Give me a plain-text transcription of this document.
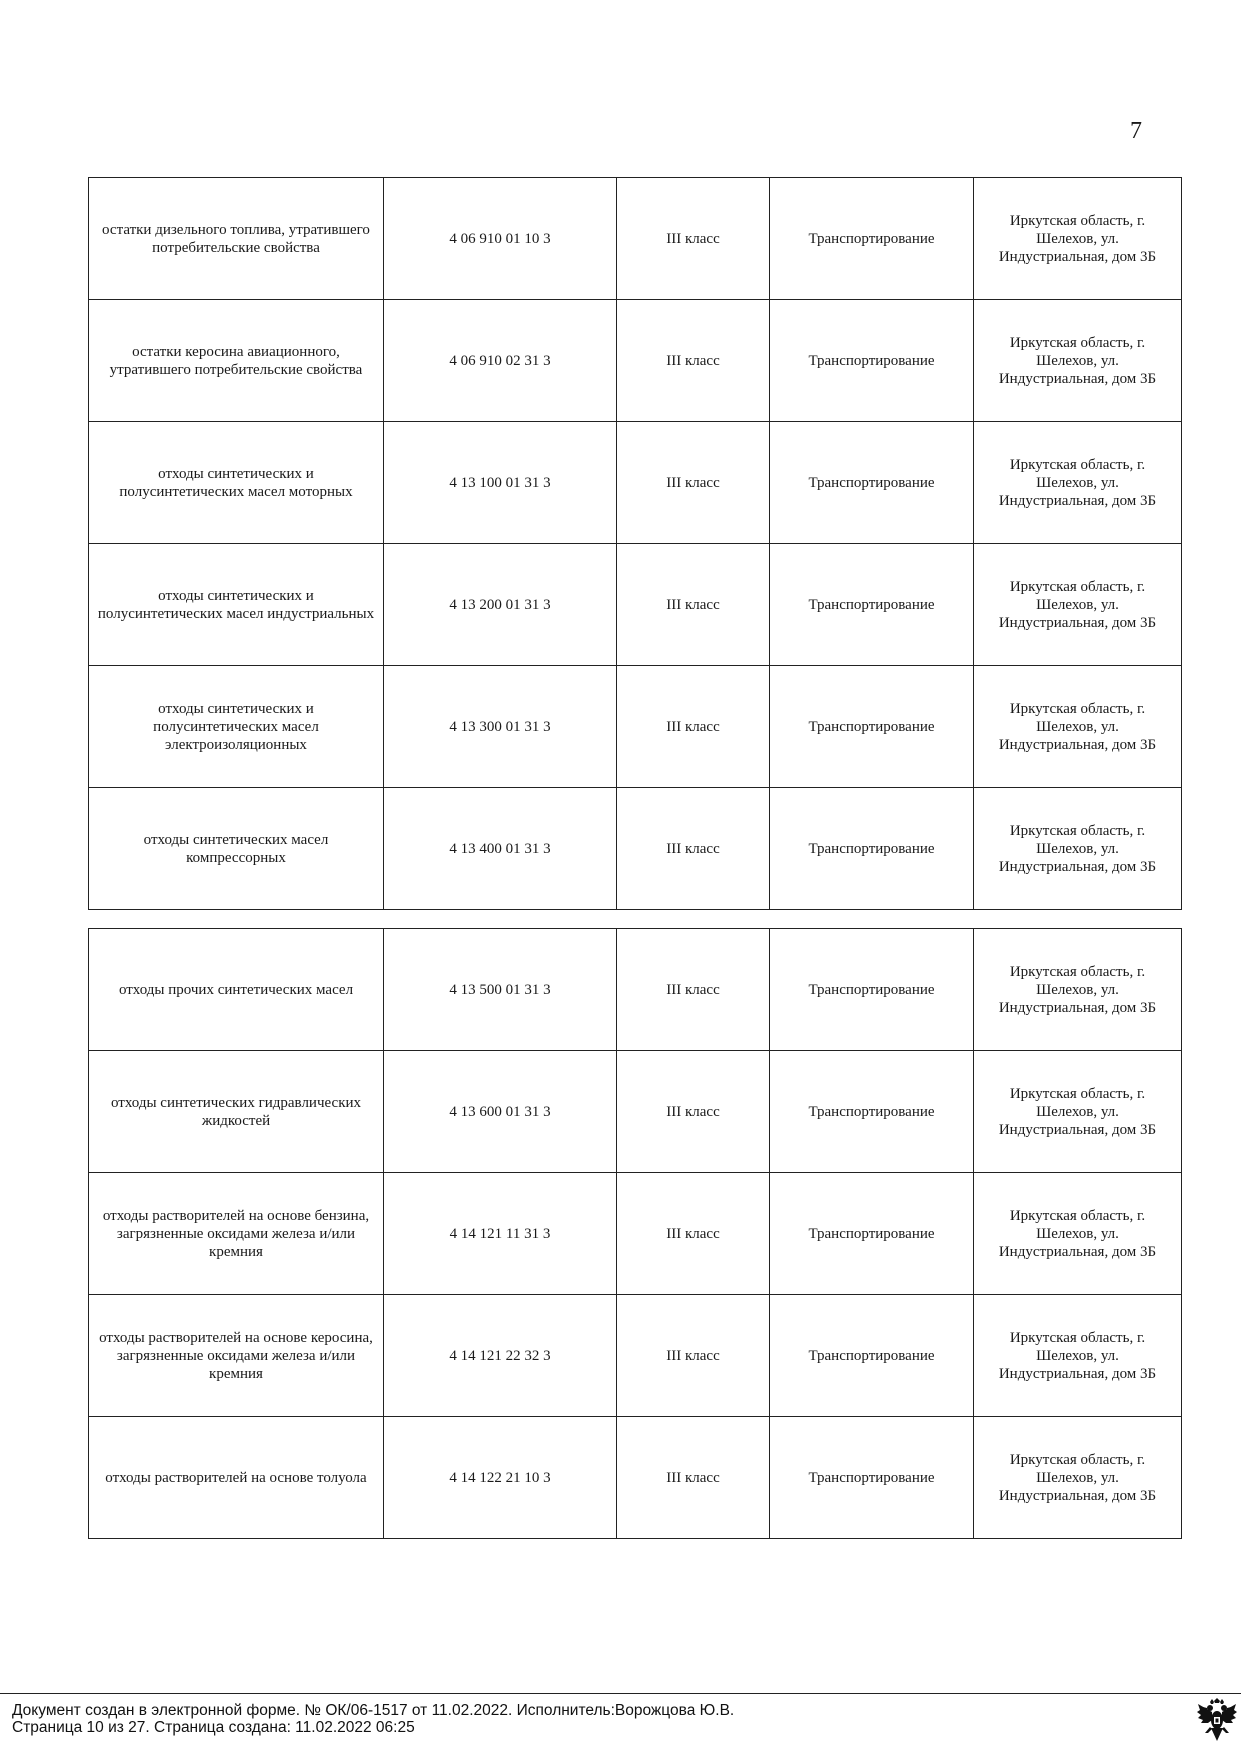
7
остатки дизельного топлива, утратившего потребительские свойства	4 06 910 01 10 3	III класс	Транспортирование	Иркутская область, г. Шелехов, ул. Индустриальная, дом 3Б
остатки керосина авиационного, утратившего потребительские свойства	4 06 910 02 31 3	III класс	Транспортирование	Иркутская область, г. Шелехов, ул. Индустриальная, дом 3Б
отходы синтетических и полусинтетических масел моторных	4 13 100 01 31 3	III класс	Транспортирование	Иркутская область, г. Шелехов, ул. Индустриальная, дом 3Б
отходы синтетических и полусинтетических масел индустриальных	4 13 200 01 31 3	III класс	Транспортирование	Иркутская область, г. Шелехов, ул. Индустриальная, дом 3Б
отходы синтетических и полусинтетических масел электроизоляционных	4 13 300 01 31 3	III класс	Транспортирование	Иркутская область, г. Шелехов, ул. Индустриальная, дом 3Б
отходы синтетических масел компрессорных	4 13 400 01 31 3	III класс	Транспортирование	Иркутская область, г. Шелехов, ул. Индустриальная, дом 3Б
отходы прочих синтетических масел	4 13 500 01 31 3	III класс	Транспортирование	Иркутская область, г. Шелехов, ул. Индустриальная, дом 3Б
отходы синтетических гидравлических жидкостей	4 13 600 01 31 3	III класс	Транспортирование	Иркутская область, г. Шелехов, ул. Индустриальная, дом 3Б
отходы растворителей на основе бензина, загрязненные оксидами железа и/или кремния	4 14 121 11 31 3	III класс	Транспортирование	Иркутская область, г. Шелехов, ул. Индустриальная, дом 3Б
отходы растворителей на основе керосина, загрязненные оксидами железа и/или кремния	4 14 121 22 32 3	III класс	Транспортирование	Иркутская область, г. Шелехов, ул. Индустриальная, дом 3Б
отходы растворителей на основе толуола	4 14 122 21 10 3	III класс	Транспортирование	Иркутская область, г. Шелехов, ул. Индустриальная, дом 3Б
Документ создан в электронной форме. № ОК/06-1517 от 11.02.2022. Исполнитель:Ворожцова Ю.В.
Страница 10 из 27. Страница создана: 11.02.2022 06:25
